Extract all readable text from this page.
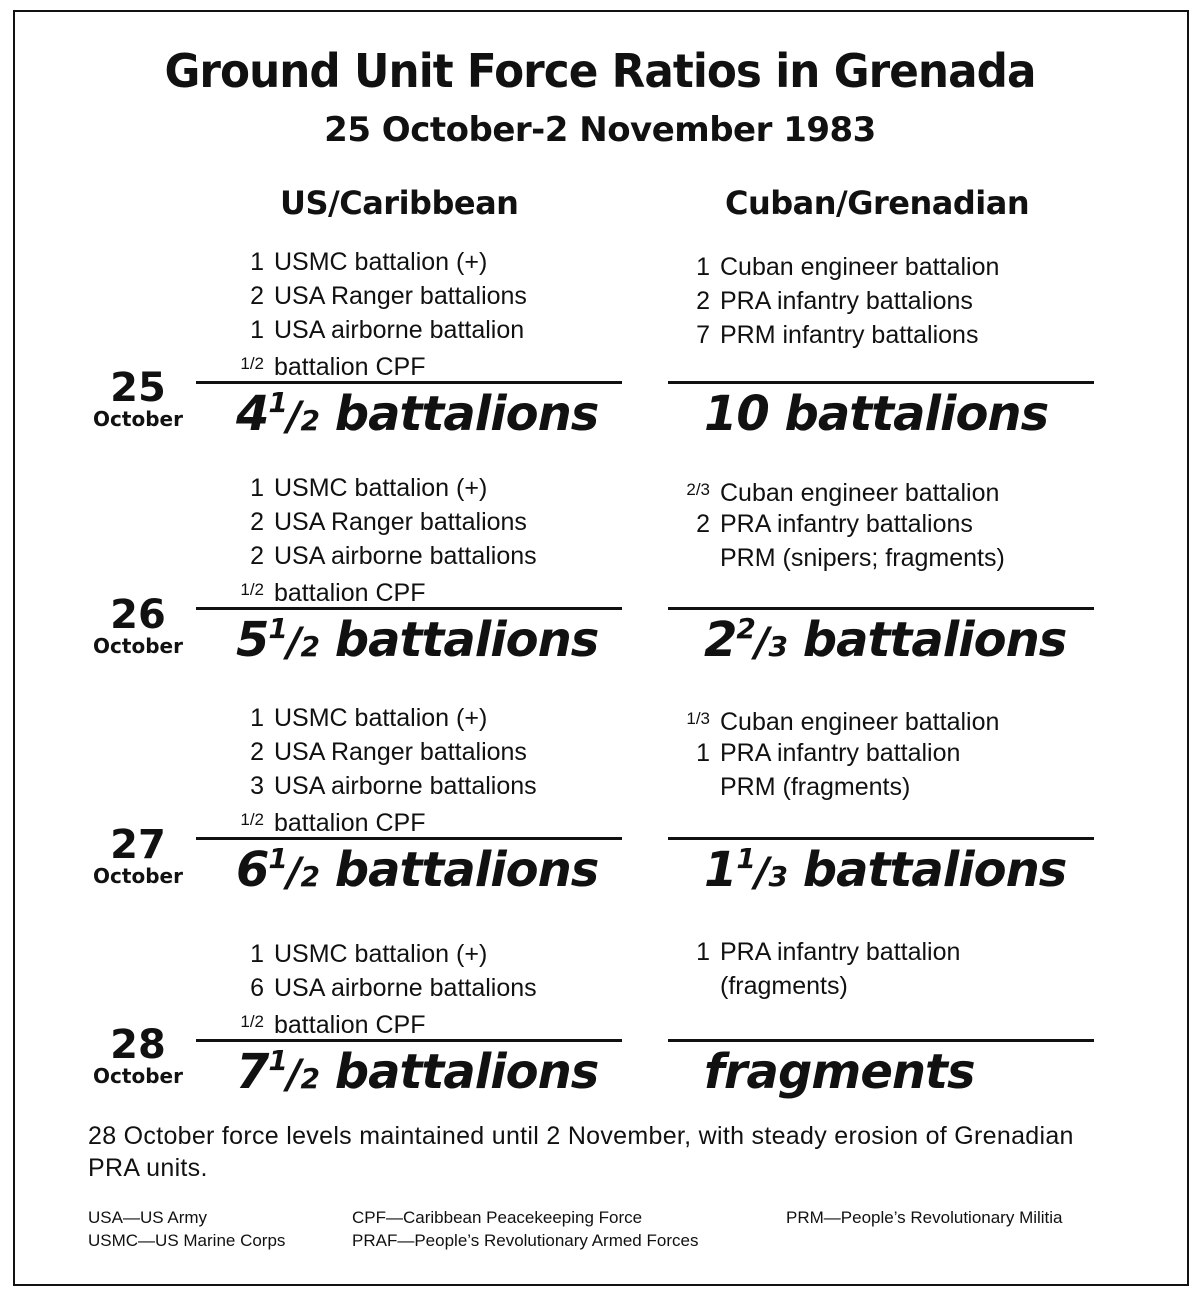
Ground Unit Force Ratios in Grenada
25 October-2 November 1983
US/Caribbean	Cuban/Grenadian
1 USMC battalion (+)
2 USA Ranger battalions
1 USA airborne battalion
$^{1/2}$ battalion CPF
1 Cuban engineer battalion
2 PRA infantry battalions
7 PRM infantry battalions
$4^1/2$ battalions 10 battalions
25
October
1 USMC battalion (+)
2 USA Ranger battalions
2 USA airborne battalions
$^{1/2}$ battalion CPF
$^{2/3}$ Cuban engineer battalion
2 PRA infantry battalions
PRM (snipers; fragments)
$5^1/2$ battalions $2^2/3$ battalions
26
October
1 USMC battalion (+)
2 USA Ranger battalions
3 USA airborne battalions
$^{1/2}$ battalion CPF
$^{1/3}$ Cuban engineer battalion
1 PRA infantry battalion
PRM (fragments)
$6^1/2$ battalions $1^1/3$ battalions
27
October
1 USMC battalion (+)
6 USA airborne battalions
$^{1/2}$ battalion CPF
1 PRA infantry battalion
(fragments)
$7^1/2$ battalions fragments
28
October
28 October force levels maintained until 2 November, with steady erosion of Grenadian PRA units.
USA—US Army
USMC—US Marine Corps
CPF—Caribbean Peacekeeping Force
PRAF—People’s Revolutionary Armed Forces
PRM—People’s Revolutionary Militia
